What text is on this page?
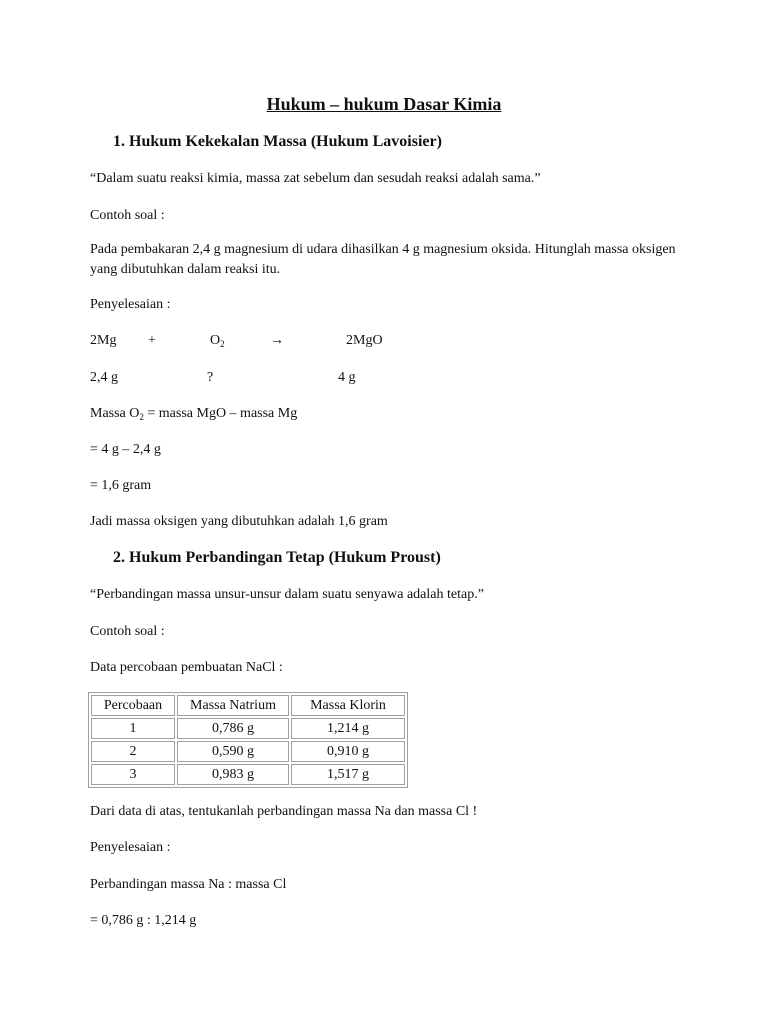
Hukum – hukum Dasar Kimia
1. Hukum Kekekalan Massa (Hukum Lavoisier)
“Dalam suatu reaksi kimia, massa zat sebelum dan sesudah reaksi adalah sama.”
Contoh soal :
Pada pembakaran 2,4 g magnesium di udara dihasilkan 4 g magnesium oksida. Hitunglah massa oksigen yang dibutuhkan dalam reaksi itu.
Penyelesaian :
2Mg +	$O_2$	→	2MgO
2,4 g	?	4 g
Massa $O_2$ = massa MgO – massa Mg
= 4 g – 2,4 g
= 1,6 gram
Jadi massa oksigen yang dibutuhkan adalah 1,6 gram
2. Hukum Perbandingan Tetap (Hukum Proust)
“Perbandingan massa unsur-unsur dalam suatu senyawa adalah tetap.”
Contoh soal :
Data percobaan pembuatan NaCl :
Percobaan	Massa Natrium	Massa Klorin
1	0,786 g	1,214 g
2	0,590 g	0,910 g
3	0,983 g	1,517 g
Dari data di atas, tentukanlah perbandingan massa Na dan massa Cl !
Penyelesaian :
Perbandingan massa Na : massa Cl
= 0,786 g : 1,214 g
